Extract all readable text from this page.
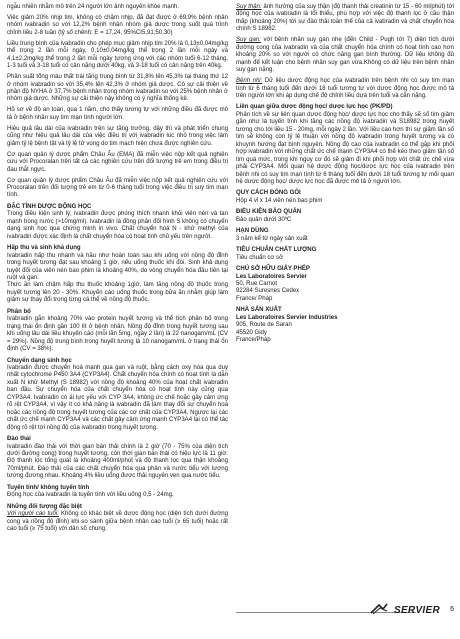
ngẫu nhiên nhằm mô trên 24 người lớn ảnh nguyên khóe mạnh.

Việc giảm 20% nhịp tim, không có chậm nhịp, đã đạt được ở 69,9% bệnh nhân nhóm ivabradin so với 12,2% bệnh nhân nhóm giả dược trong suốt quá trình chỉnh liều 2-8 tuần (tỷ số chênh: E = 17,24, 95%CI5,91;50,30)

Liều trung bình của ivabradin cho phép mục giảm nhịp tim 20% là 0,13±0,04mg/kg thể trọng 2 lần mỗi ngày, 0,10±0,04mg/kg thể trọng 2 lần mỗi ngày và 4,1±2,2mg/kg thể trọng 2 lần mỗi ngày tương ứng với các nhóm tuổi 6-12 tháng, 1-3 tuổi và 3-18 tuổi có cân nặng dưới 40kg, và 3-18 tuổi có cân nặng trên 40kg.

Phân suất tống máu thất trái tăng trung bình từ 31,8% lên 45,3% tại tháng thứ 12 ở nhóm ivabradin so với 35,4% lên 42,3% ở nhóm giả dược. Có sự cải thiện về phân độ NYHA ở 37,7% bệnh nhân trong nhóm ivabradin so với 25% bệnh nhân ở nhóm giả dược. Những sự cải thiện này không có ý nghĩa thống kê.

Hồ sơ về độ an toàn, qua 1 năm, cho thấy tương tự với những điều đã được mô tả ở bệnh nhân suy tim mạn tính người lớn.

Hiệu quả lâu dài của ivabradin trên sự tăng trưởng, dậy thì và phát triển chung cũng như hiệu quả lâu dài của việc điều trị với ivabradin lúc nhỏ trong việc làm giảm tỷ lệ bệnh tật và tỷ lệ tử vong do tim mạch hiện chưa được nghiên cứu.

Cơ quan quản lý dược phẩm Châu Âu (EMA) đã miễn việc nộp kết quả nghiên cứu với Procoralan trên tất cả các nghiên cứu trên đối tượng trẻ em trong điều trị đau thắt ngực.

Cơ quan quản lý dược phẩm Châu Âu đã miễn việc nộp kết quả nghiên cứu với Procoralan trên đối tượng trẻ em từ 0-6 tháng tuổi trong việc điều trị suy tim mạn tính.

ĐẶC TÍNH DƯỢC ĐỘNG HỌC

Trong điều kiện sinh lý, ivabradin được phóng thích nhanh khỏi viên nén và tan mạnh trong nước (>10mg/ml). Ivabradin là đồng phân đối hình S không có chuyển dạng sinh học qua chứng minh in vivo. Chất chuyển hoá N - khử methyl của ivabradin được xác định là chất chuyển hóa có hoạt tính chủ yếu trên người.

Hấp thu và sinh khả dụng

Ivabradin hấp thu nhanh và hầu như hoàn toàn sau khi uống với nồng độ đỉnh trong huyết tương đạt sau khoảng 1 giờ, nếu uống thuốc khi đói. Sinh khả dụng tuyệt đối của viên nén bao phim là khoảng 40%, do vòng chuyển hóa đầu tiên tại ruột và gan.

Thức ăn làm chậm hấp thu thuốc khoảng 1giờ, làm tăng nồng độ thuốc trong huyết tương lên 20 - 30%. Khuyến cáo uống thuốc trong bữa ăn nhằm giúp làm giảm sự thay đổi trong từng cá thể về nồng độ thuốc.

Phân bố

Ivabradin gắn khoảng 70% vào protein huyết tương và thể tích phân bố trong trạng thái ổn định gần 100 lít ở bệnh nhân. Nồng độ đỉnh trong huyết tương sau khi uống lâu dài liều khuyến cáo (mỗi lần 5mg, ngày 2 lần) là 22 nanogam/mL (CV = 29%). Nồng độ trung bình trong huyết tương là 10 nanogam/mL ở trạng thái ổn định (CV = 38%).

Chuyển dạng sinh học

Ivabradin được chuyển hoá mạnh qua gan và ruột, bằng cách oxy hóa qua duy nhất cytochrome P450 3A4 (CYP3A4). Chất chuyển hóa chính có hoạt tính là dẫn xuất N khử Methyl (S 18982) với nồng độ khoảng 40% của hoạt chất ivabradin ban đầu. Sự chuyển hóa của chất chuyển hóa có hoạt tính này cũng qua CYP3A4. Ivabradin có ái lực yếu với CYP 3A4, không ức chế hoặc gây cảm ứng rõ rệt CYP3A4, vì vậy ít có khả năng là ivabradin đã làm thay đổi sự chuyển hoá hoặc các nồng độ trong huyết tương của các cơ chất của CYP3A4. Ngược lại các chất ức chế mạnh CYP3A4 và các chất gây cảm ứng mạnh CYP3A4 lại có thể tác động rõ rệt tới nồng độ của ivabradin trong huyết tương.

Đào thải

Ivabradin đào thải với thời gian bán thải chính là 2 giờ (70 - 75% của diện tích dưới đường cong) trong huyết tương, còn thời gian bán thải có hiệu lực là 11 giờ. Độ thanh lọc tổng quát là khoảng 400ml/phút và độ thanh lọc qua thận khoảng 70ml/phút. Đào thải của các chất chuyển hóa qua phân và nước tiểu với lượng tương đương nhau. Khoảng 4% liều uống được thải nguyên vẹn qua nước tiểu.

Tuyến tính/ không tuyến tính

Động học của ivabradin là tuyến tính với liều uống 0,5 - 24mg.

Những đối tượng đặc biệt

Với người cao tuổi: Không có khác biệt về dược động học (diện tích dưới đường cong và nồng độ đỉnh) khi so sánh giữa bệnh nhân cao tuổi (≥ 65 tuổi) hoặc rất cao tuổi (≥ 75 tuổi) với dân số chung.

Suy thận: ảnh hưởng của suy thận (độ thanh thải creatinin từ 15 - 60 ml/phút) tới động học của ivabradin là tối thiểu, phù hợp với việc độ thanh lọc ở cầu thận thấp (khoảng 20%) tới sự đào thải toàn thể của cả ivabradin và chất chuyển hóa chính S 18982.

Suy gan: với bệnh nhân suy gan nhẹ (đến Child - Pugh tới 7) diện tích dưới đường cong của ivabradin và của chất chuyển hóa chính có hoạt tính cao hơn khoảng 20% so với người có chức năng gan bình thường. Dữ liệu không đủ mạnh để kết luận cho bệnh nhân suy gan vừa.Không có dữ liệu trên bệnh nhân suy gan nặng.

Bệnh nhi: Dữ liệu dược động học của ivabradin trên bệnh nhi có suy tim mạn tính từ 6 tháng tuổi đến dưới 18 tuổi tương tự với dược động học được mô tả trên người lớn khi áp dụng chế độ chỉnh liều dựa trên tuổi và cân nặng.

Liên quan giữa dược động học/ dược lực học (PK/PD)

Phân tích về sự liên quan dược động học/ dược lực học cho thấy sẽ số tim giảm gần như là tuyến tính khi tăng các nồng độ ivabradin và S18982 trong huyết tương cho tới liều 15 - 20mg, mỗi ngày 2 lần. Với liều cao hơn thì sự giảm tần số tim sẽ không còn tỷ lệ thuận với nồng độ ivabradin trong huyết tương và có khuynh hướng đạt bình nguyên. Nồng độ cao của ivabradin có thể gặp khi phối hợp ivabradin với những chất ức chế mạnh CYP3A4 có thể kéo theo giảm tần số tim quá mức, trong khi nguy cơ đó sẽ giảm đi khi phối hợp với chất ức chế vừa phải CYP3A4. Mối quan hệ dược động học/dược lực học của ivabradin trên bệnh nhi có suy tim mạn tính từ 6 tháng tuổi đến dưới 18 tuổi tương tự mối quan hệ dược động học/ dược lực học đã được mô tả ở người lớn.

QUY CÁCH ĐÓNG GÓI

Hộp 4 vỉ x 14 viên nén bao phim

ĐIỀU KIỆN BẢO QUẢN

Bảo quản dưới 30ºC

HẠN DÙNG

3 năm kể từ ngày sản xuất

TIÊU CHUẨN CHẤT LƯỢNG

Tiêu chuẩn cơ sở

CHỦ SỞ HỮU GIẤY PHÉP
Les Laboratoires Servier
50, Rue Carnot
92284 Suresnes Cedex
France/ Pháp
NHÀ SẢN XUẤT
Les Laboratoires Servier Industries
905, Route de Saran
45520 Gidy
France/Pháp
SERVIER 6
